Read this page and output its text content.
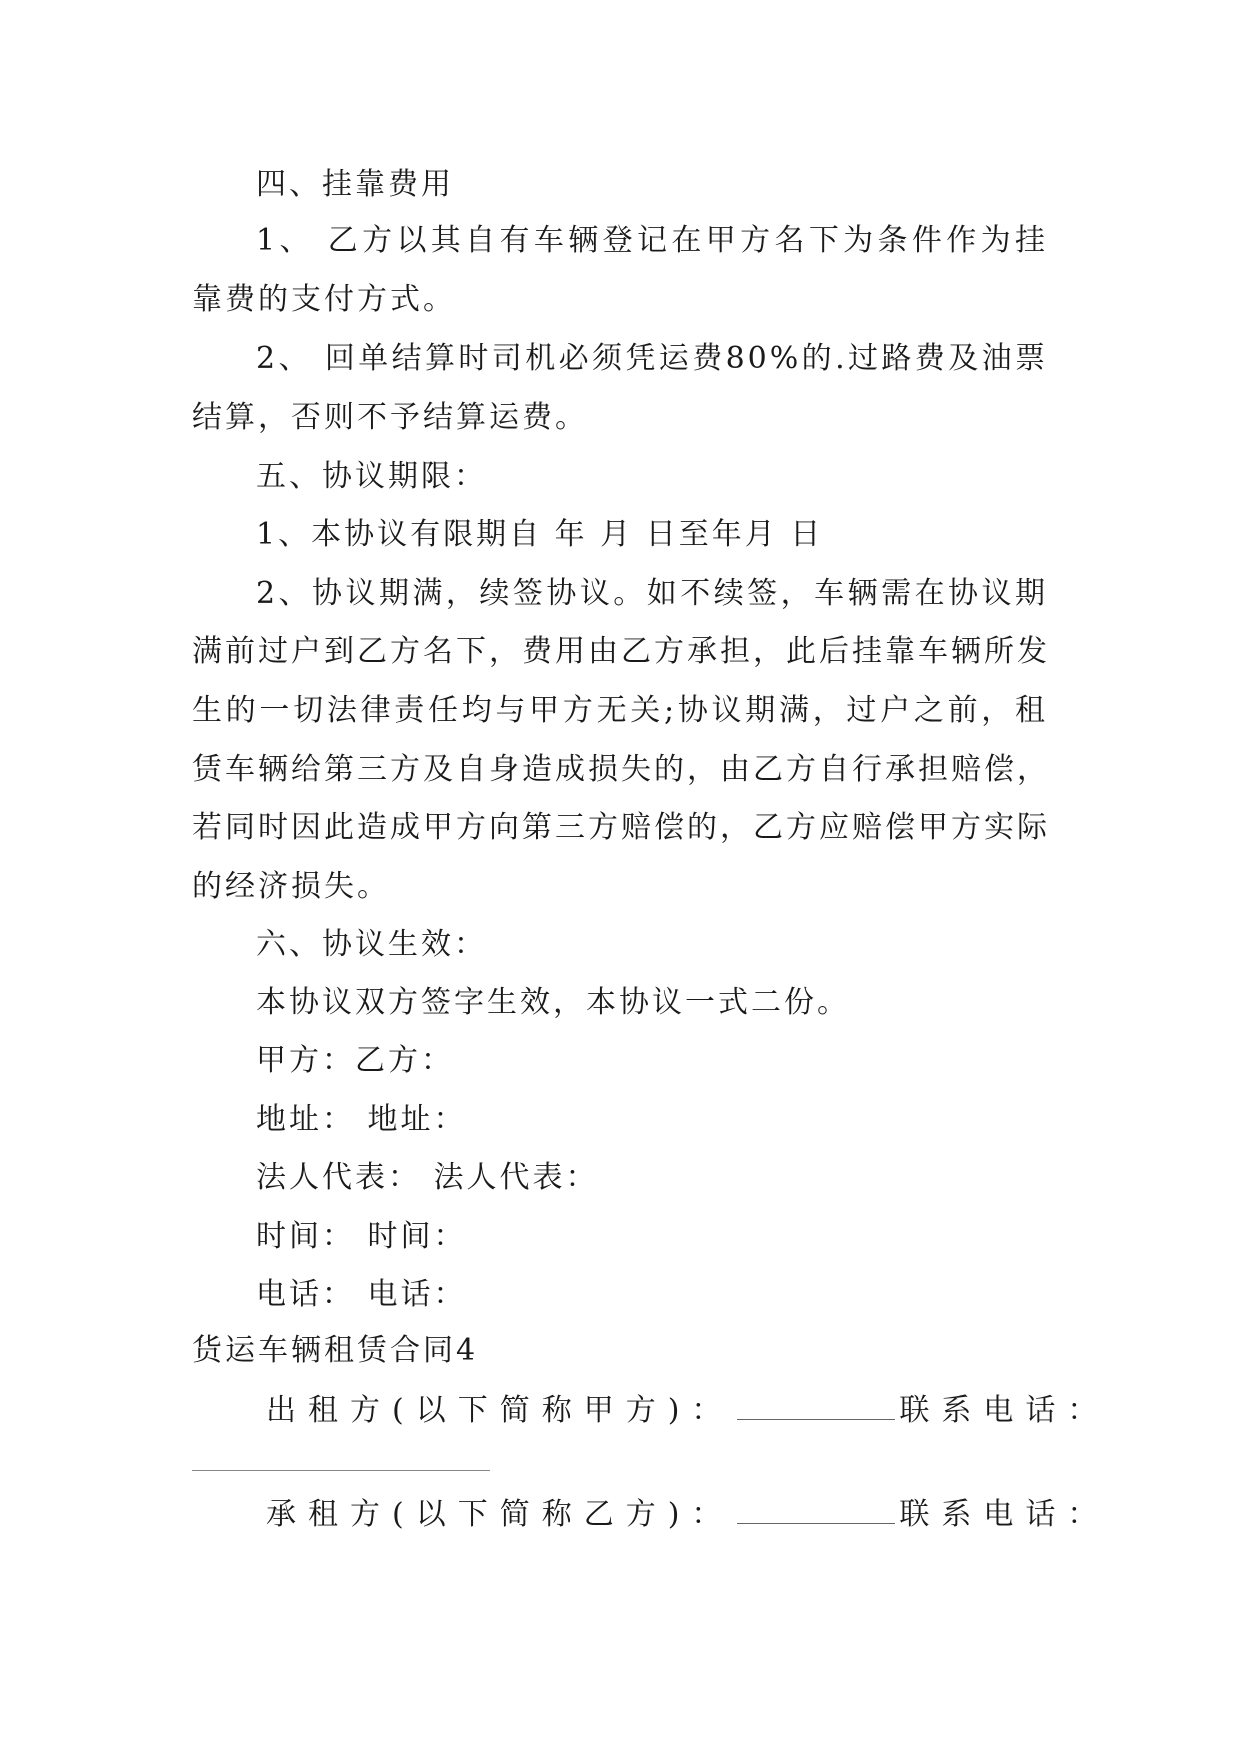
四、挂靠费用
1、 乙方以其自有车辆登记在甲方名下为条件作为挂
靠费的支付方式。
2、 回单结算时司机必须凭运费80%的.过路费及油票
结算，否则不予结算运费。
五、协议期限：
1、本协议有限期自 年 月 日至年月 日
2、协议期满，续签协议。如不续签，车辆需在协议期
满前过户到乙方名下，费用由乙方承担，此后挂靠车辆所发
生的一切法律责任均与甲方无关;协议期满，过户之前，租
赁车辆给第三方及自身造成损失的，由乙方自行承担赔偿，
若同时因此造成甲方向第三方赔偿的，乙方应赔偿甲方实际
的经济损失。
六、协议生效：
本协议双方签字生效，本协议一式二份。
甲方：乙方：
地址： 地址：
法人代表： 法人代表：
时间： 时间：
电话： 电话：
货运车辆租赁合同4
出租方(以下简称甲方)：	联系电话：
承租方(以下简称乙方)：	联系电话：
